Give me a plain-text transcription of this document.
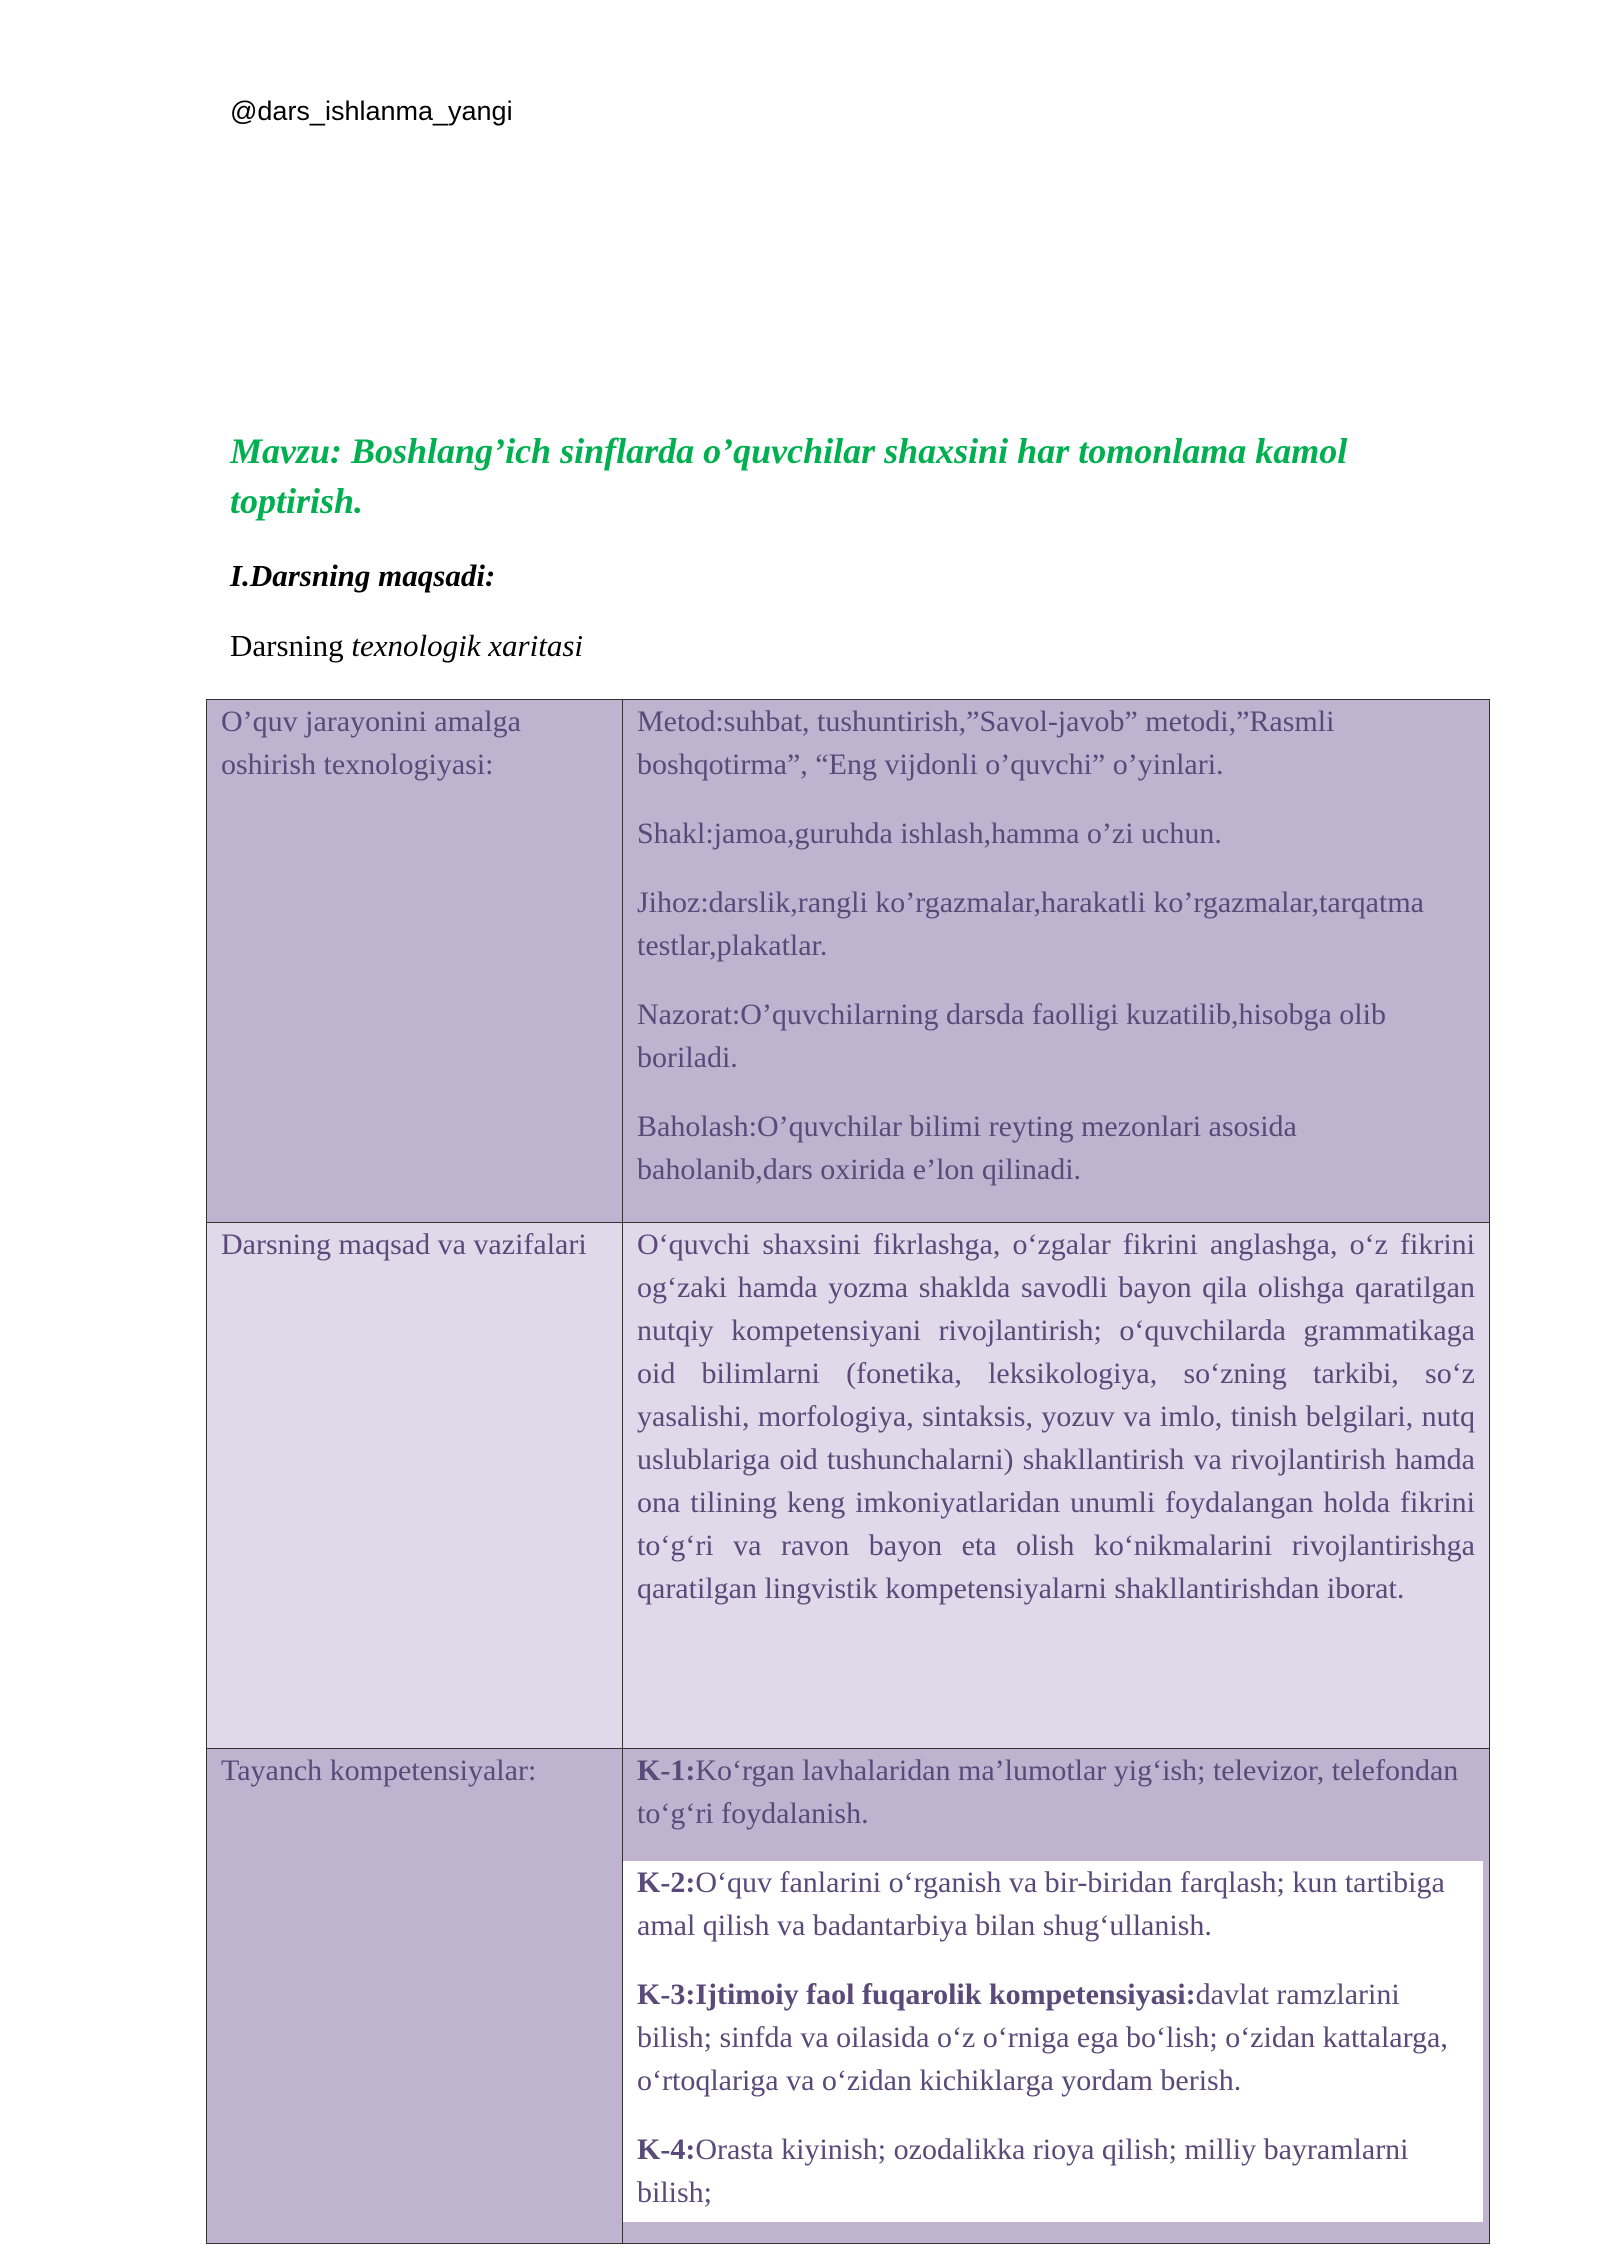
@dars_ishlanma_yangi
Mavzu: Boshlang’ich sinflarda o’quvchilar shaxsini har tomonlama kamol toptirish.
I.Darsning maqsadi:
Darsning texnologik xaritasi
O’quv jarayonini amalga oshirish texnologiyasi:	Metod:suhbat, tushuntirish,”Savol-javob” metodi,”Rasmli boshqotirma”, “Eng vijdonli o’quvchi” o’yinlari.

Shakl:jamoa,guruhda ishlash,hamma o’zi uchun.

Jihoz:darslik,rangli ko’rgazmalar,harakatli ko’rgazmalar,tarqatma testlar,plakatlar.

Nazorat:O’quvchilarning darsda faolligi kuzatilib,hisobga olib boriladi.

Baholash:O’quvchilar bilimi reyting mezonlari asosida baholanib,dars oxirida e’lon qilinadi.

Darsning maqsad va vazifalari	O‘quvchi shaxsini fikrlashga, o‘zgalar fikrini anglashga, o‘z fikrini og‘zaki hamda yozma shaklda savodli bayon qila olishga qaratilgan nutqiy kompetensiyani rivojlantirish; o‘quvchilarda grammatikaga oid bilimlarni (fonetika, leksikologiya, so‘zning tarkibi, so‘z yasalishi, morfologiya, sintaksis, yozuv va imlo, tinish belgilari, nutq uslublariga oid tushunchalarni) shakllantirish va rivojlantirish hamda ona tilining keng imkoniyatlaridan unumli foydalangan holda fikrini to‘g‘ri va ravon bayon eta olish ko‘nikmalarini rivojlantirishga qaratilgan lingvistik kompetensiyalarni shakllantirishdan iborat.

Tayanch kompetensiyalar:	K-1:Ko‘rgan lavhalaridan ma’lumotlar yig‘ish; televizor, telefondan to‘g‘ri foydalanish.

K-2:O‘quv fanlarini o‘rganish va bir-biridan farqlash; kun tartibiga amal qilish va badantarbiya bilan shug‘ullanish.

K-3:Ijtimoiy faol fuqarolik kompetensiyasi:davlat ramzlarini bilish; sinfda va oilasida o‘z o‘rniga ega bo‘lish; o‘zidan kattalarga, o‘rtoqlariga va o‘zidan kichiklarga yordam berish.

K-4:Orasta kiyinish; ozodalikka rioya qilish; milliy bayramlarni bilish;
